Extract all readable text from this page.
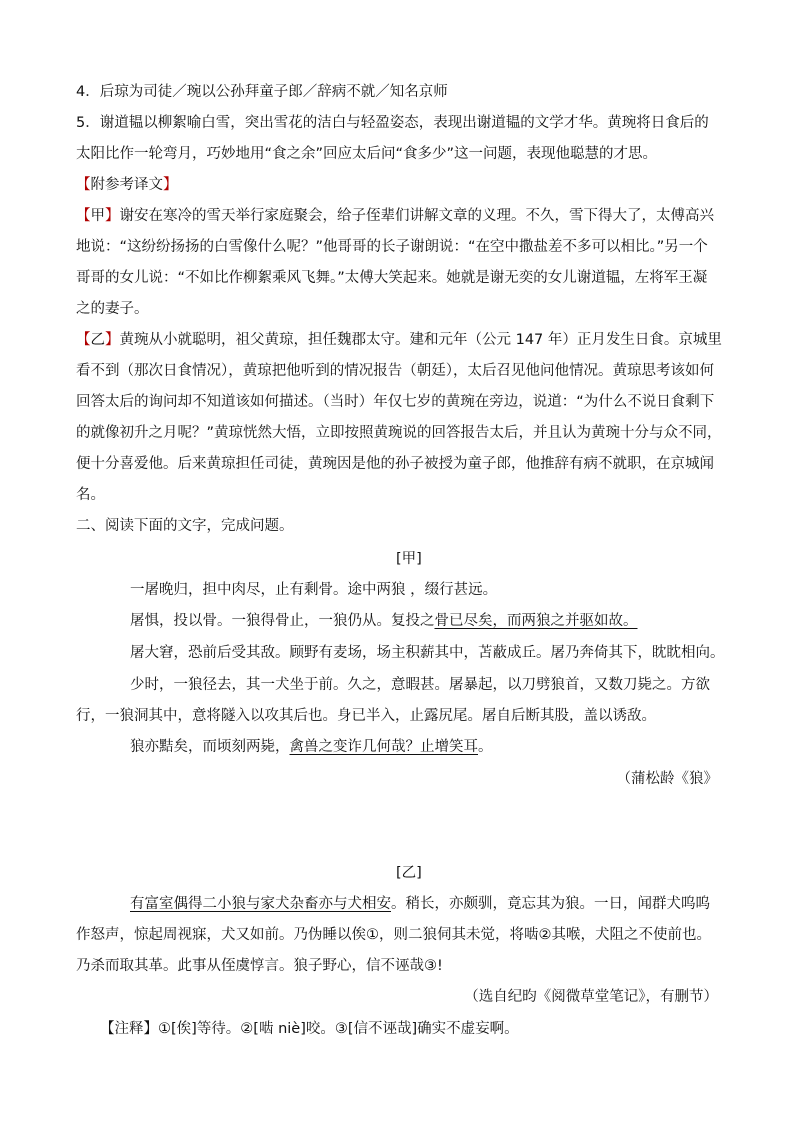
4．后琼为司徒／琬以公孙拜童子郎／辞病不就／知名京师
5．谢道韫以柳絮喻白雪，突出雪花的洁白与轻盈姿态，表现出谢道韫的文学才华。黄琬将日食后的
太阳比作一轮弯月，巧妙地用“食之余”回应太后问“食多少”这一问题，表现他聪慧的才思。
【附参考译文】
【甲】谢安在寒冷的雪天举行家庭聚会，给子侄辈们讲解文章的义理。不久，雪下得大了，太傅高兴
地说：“这纷纷扬扬的白雪像什么呢？”他哥哥的长子谢朗说：“在空中撒盐差不多可以相比。”另一个
哥哥的女儿说：“不如比作柳絮乘风飞舞。”太傅大笑起来。她就是谢无奕的女儿谢道韫，左将军王凝
之的妻子。
【乙】黄琬从小就聪明，祖父黄琼，担任魏郡太守。建和元年（公元 147 年）正月发生日食。京城里
看不到（那次日食情况），黄琼把他听到的情况报告（朝廷），太后召见他问他情况。黄琼思考该如何
回答太后的询问却不知道该如何描述。（当时）年仅七岁的黄琬在旁边，说道：“为什么不说日食剩下
的就像初升之月呢？”黄琼恍然大悟，立即按照黄琬说的回答报告太后，并且认为黄琬十分与众不同，
便十分喜爱他。后来黄琼担任司徒，黄琬因是他的孙子被授为童子郎，他推辞有病不就职，在京城闻
名。
二、阅读下面的文字，完成问题。
[甲]
一屠晚归，担中肉尽，止有剩骨。途中两狼 ，缀行甚远。
屠惧，投以骨。一狼得骨止，一狼仍从。复投之骨已尽矣，而两狼之并驱如故。
屠大窘，恐前后受其敌。顾野有麦场，场主积薪其中，苫蔽成丘。屠乃奔倚其下，眈眈相向。
少时，一狼径去，其一犬坐于前。久之，意暇甚。屠暴起，以刀劈狼首，又数刀毙之。方欲
行，一狼洞其中，意将隧入以攻其后也。身已半入，止露尻尾。屠自后断其股，盖以诱敌。
狼亦黠矣，而顷刻两毙，禽兽之变诈几何哉？止增笑耳。
（蒲松龄《狼》
[乙]
有富室偶得二小狼与家犬杂畜亦与犬相安。稍长，亦颇驯，竟忘其为狼。一日，闻群犬呜呜
作怒声，惊起周视寐，犬又如前。乃伪睡以俟①，则二狼伺其未觉，将啮②其喉，犬阻之不使前也。
乃杀而取其革。此事从侄虞惇言。狼子野心，信不诬哉③!
（选自纪昀《阅微草堂笔记》，有删节）
【注释】①[俟]等待。②[啮 niè]咬。③[信不诬哉]确实不虚妄啊。
